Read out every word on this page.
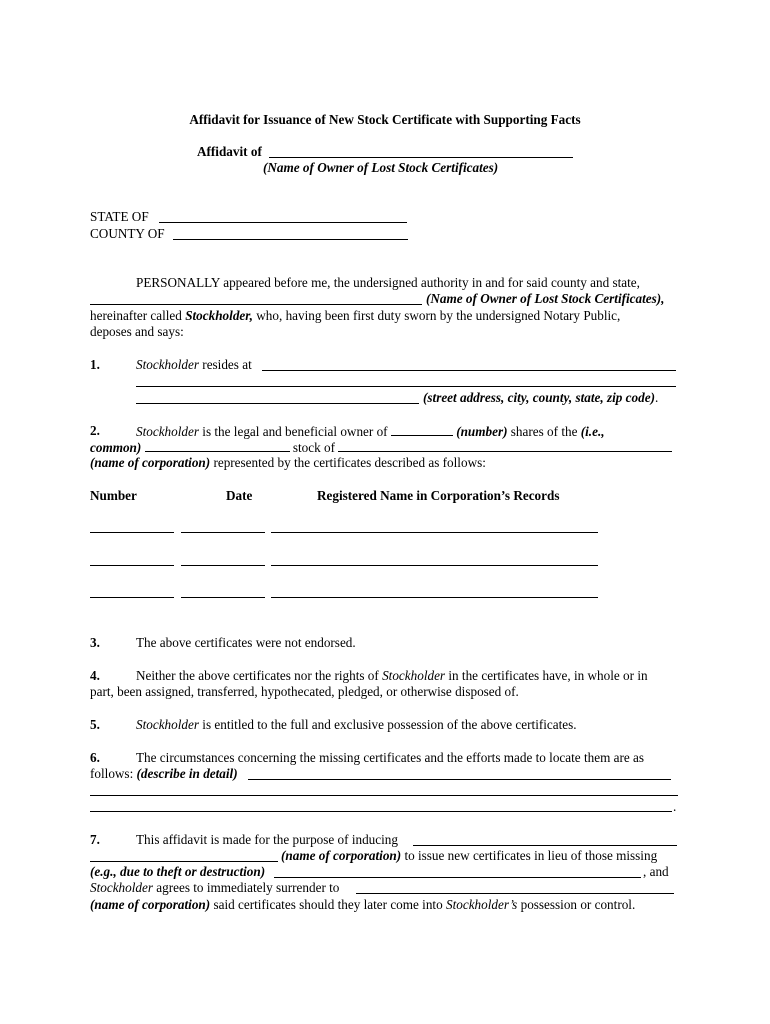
Affidavit for Issuance of New Stock Certificate with Supporting Facts
Affidavit of
(Name of Owner of Lost Stock Certificates)
STATE OF
COUNTY OF
PERSONALLY appeared before me, the undersigned authority in and for said county and state,
(Name of Owner of Lost Stock Certificates),
hereinafter called Stockholder, who, having been first duty sworn by the undersigned Notary Public,
deposes and says:
1.	Stockholder resides at
(street address, city, county, state, zip code).
2.	Stockholder is the legal and beneficial owner of	(number) shares of the (i.e.,
common)	stock of
(name of corporation) represented by the certificates described as follows:
Number	Date	Registered Name in Corporation’s Records
3.	The above certificates were not endorsed.
4.	Neither the above certificates nor the rights of Stockholder in the certificates have, in whole or in
part, been assigned, transferred, hypothecated, pledged, or otherwise disposed of.
5.	Stockholder is entitled to the full and exclusive possession of the above certificates.
6.	The circumstances concerning the missing certificates and the efforts made to locate them are as
follows: (describe in detail)
.
7.	This affidavit is made for the purpose of inducing
(name of corporation) to issue new certificates in lieu of those missing
(e.g., due to theft or destruction)	, and
Stockholder agrees to immediately surrender to
(name of corporation) said certificates should they later come into Stockholder’s possession or control.
